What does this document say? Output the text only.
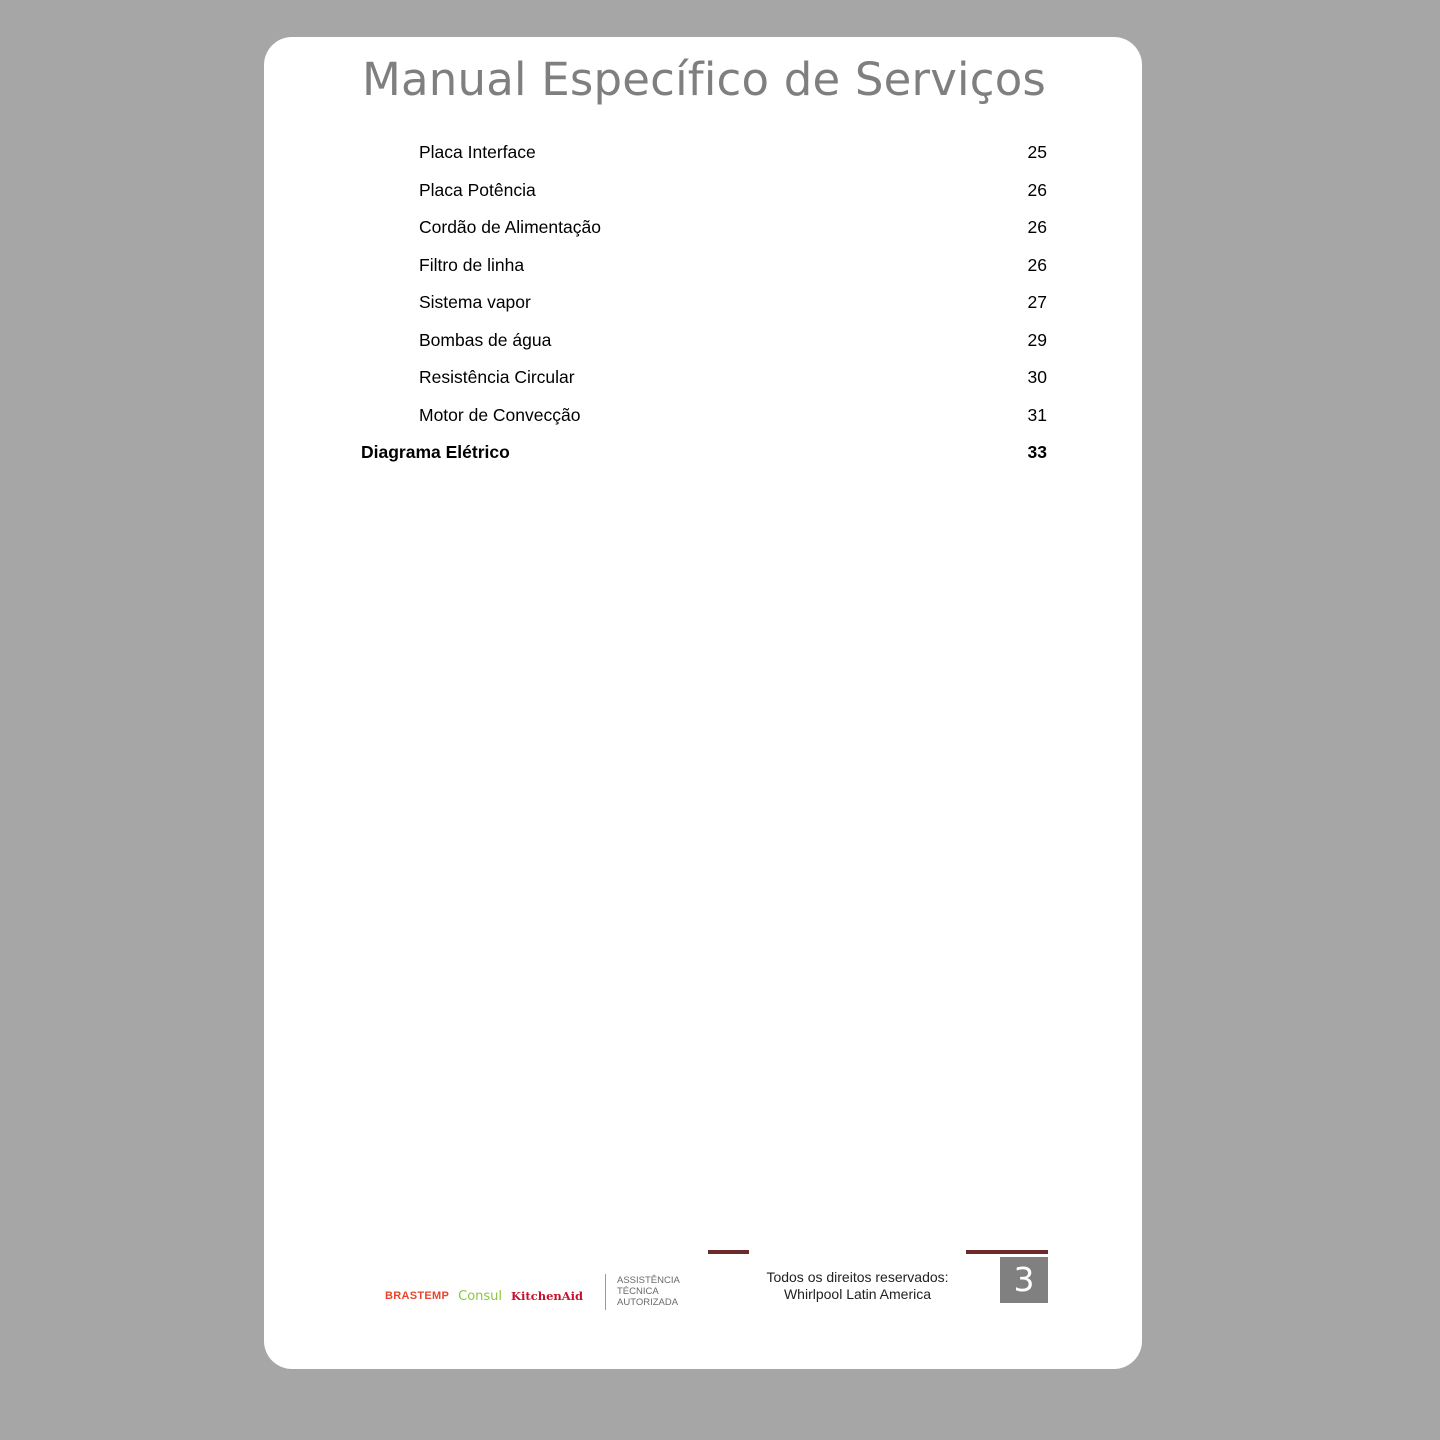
Manual Específico de Serviços
Placa Interface	25
Placa Potência	26
Cordão de Alimentação	26
Filtro de linha	26
Sistema vapor	27
Bombas de água	29
Resistência Circular	30
Motor de Convecção	31
Diagrama Elétrico	33
BRASTEMP Consul KitchenAid
ASSISTÊNCIA
TÉCNICA
AUTORIZADA
Todos os direitos reservados:
Whirlpool Latin America	3
